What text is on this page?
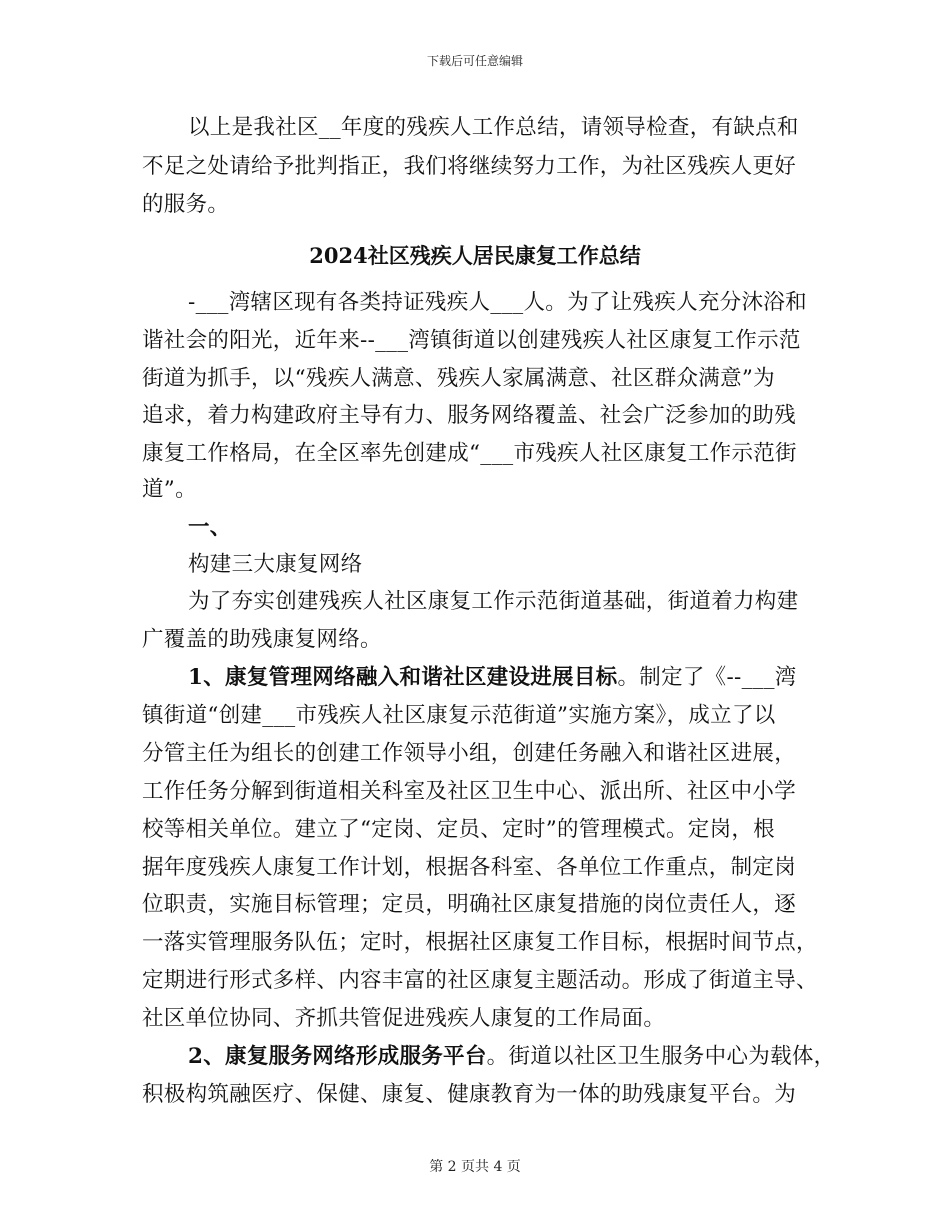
下载后可任意编辑
以上是我社区__年度的残疾人工作总结，请领导检查，有缺点和
不足之处请给予批判指正，我们将继续努力工作，为社区残疾人更好
的服务。
2024社区残疾人居民康复工作总结
-___湾辖区现有各类持证残疾人___人。为了让残疾人充分沐浴和
谐社会的阳光，近年来--___湾镇街道以创建残疾人社区康复工作示范
街道为抓手，以“残疾人满意、残疾人家属满意、社区群众满意”为
追求，着力构建政府主导有力、服务网络覆盖、社会广泛参加的助残
康复工作格局，在全区率先创建成“___市残疾人社区康复工作示范街
道”。
一、
构建三大康复网络
为了夯实创建残疾人社区康复工作示范街道基础，街道着力构建
广覆盖的助残康复网络。
1、康复管理网络融入和谐社区建设进展目标。制定了《--___湾
镇街道“创建___市残疾人社区康复示范街道”实施方案》，成立了以
分管主任为组长的创建工作领导小组，创建任务融入和谐社区进展，
工作任务分解到街道相关科室及社区卫生中心、派出所、社区中小学
校等相关单位。建立了“定岗、定员、定时”的管理模式。定岗，根
据年度残疾人康复工作计划，根据各科室、各单位工作重点，制定岗
位职责，实施目标管理；定员，明确社区康复措施的岗位责任人，逐
一落实管理服务队伍；定时，根据社区康复工作目标，根据时间节点，
定期进行形式多样、内容丰富的社区康复主题活动。形成了街道主导、
社区单位协同、齐抓共管促进残疾人康复的工作局面。
2、康复服务网络形成服务平台。街道以社区卫生服务中心为载体，
积极构筑融医疗、保健、康复、健康教育为一体的助残康复平台。为
第 2 页共 4 页
